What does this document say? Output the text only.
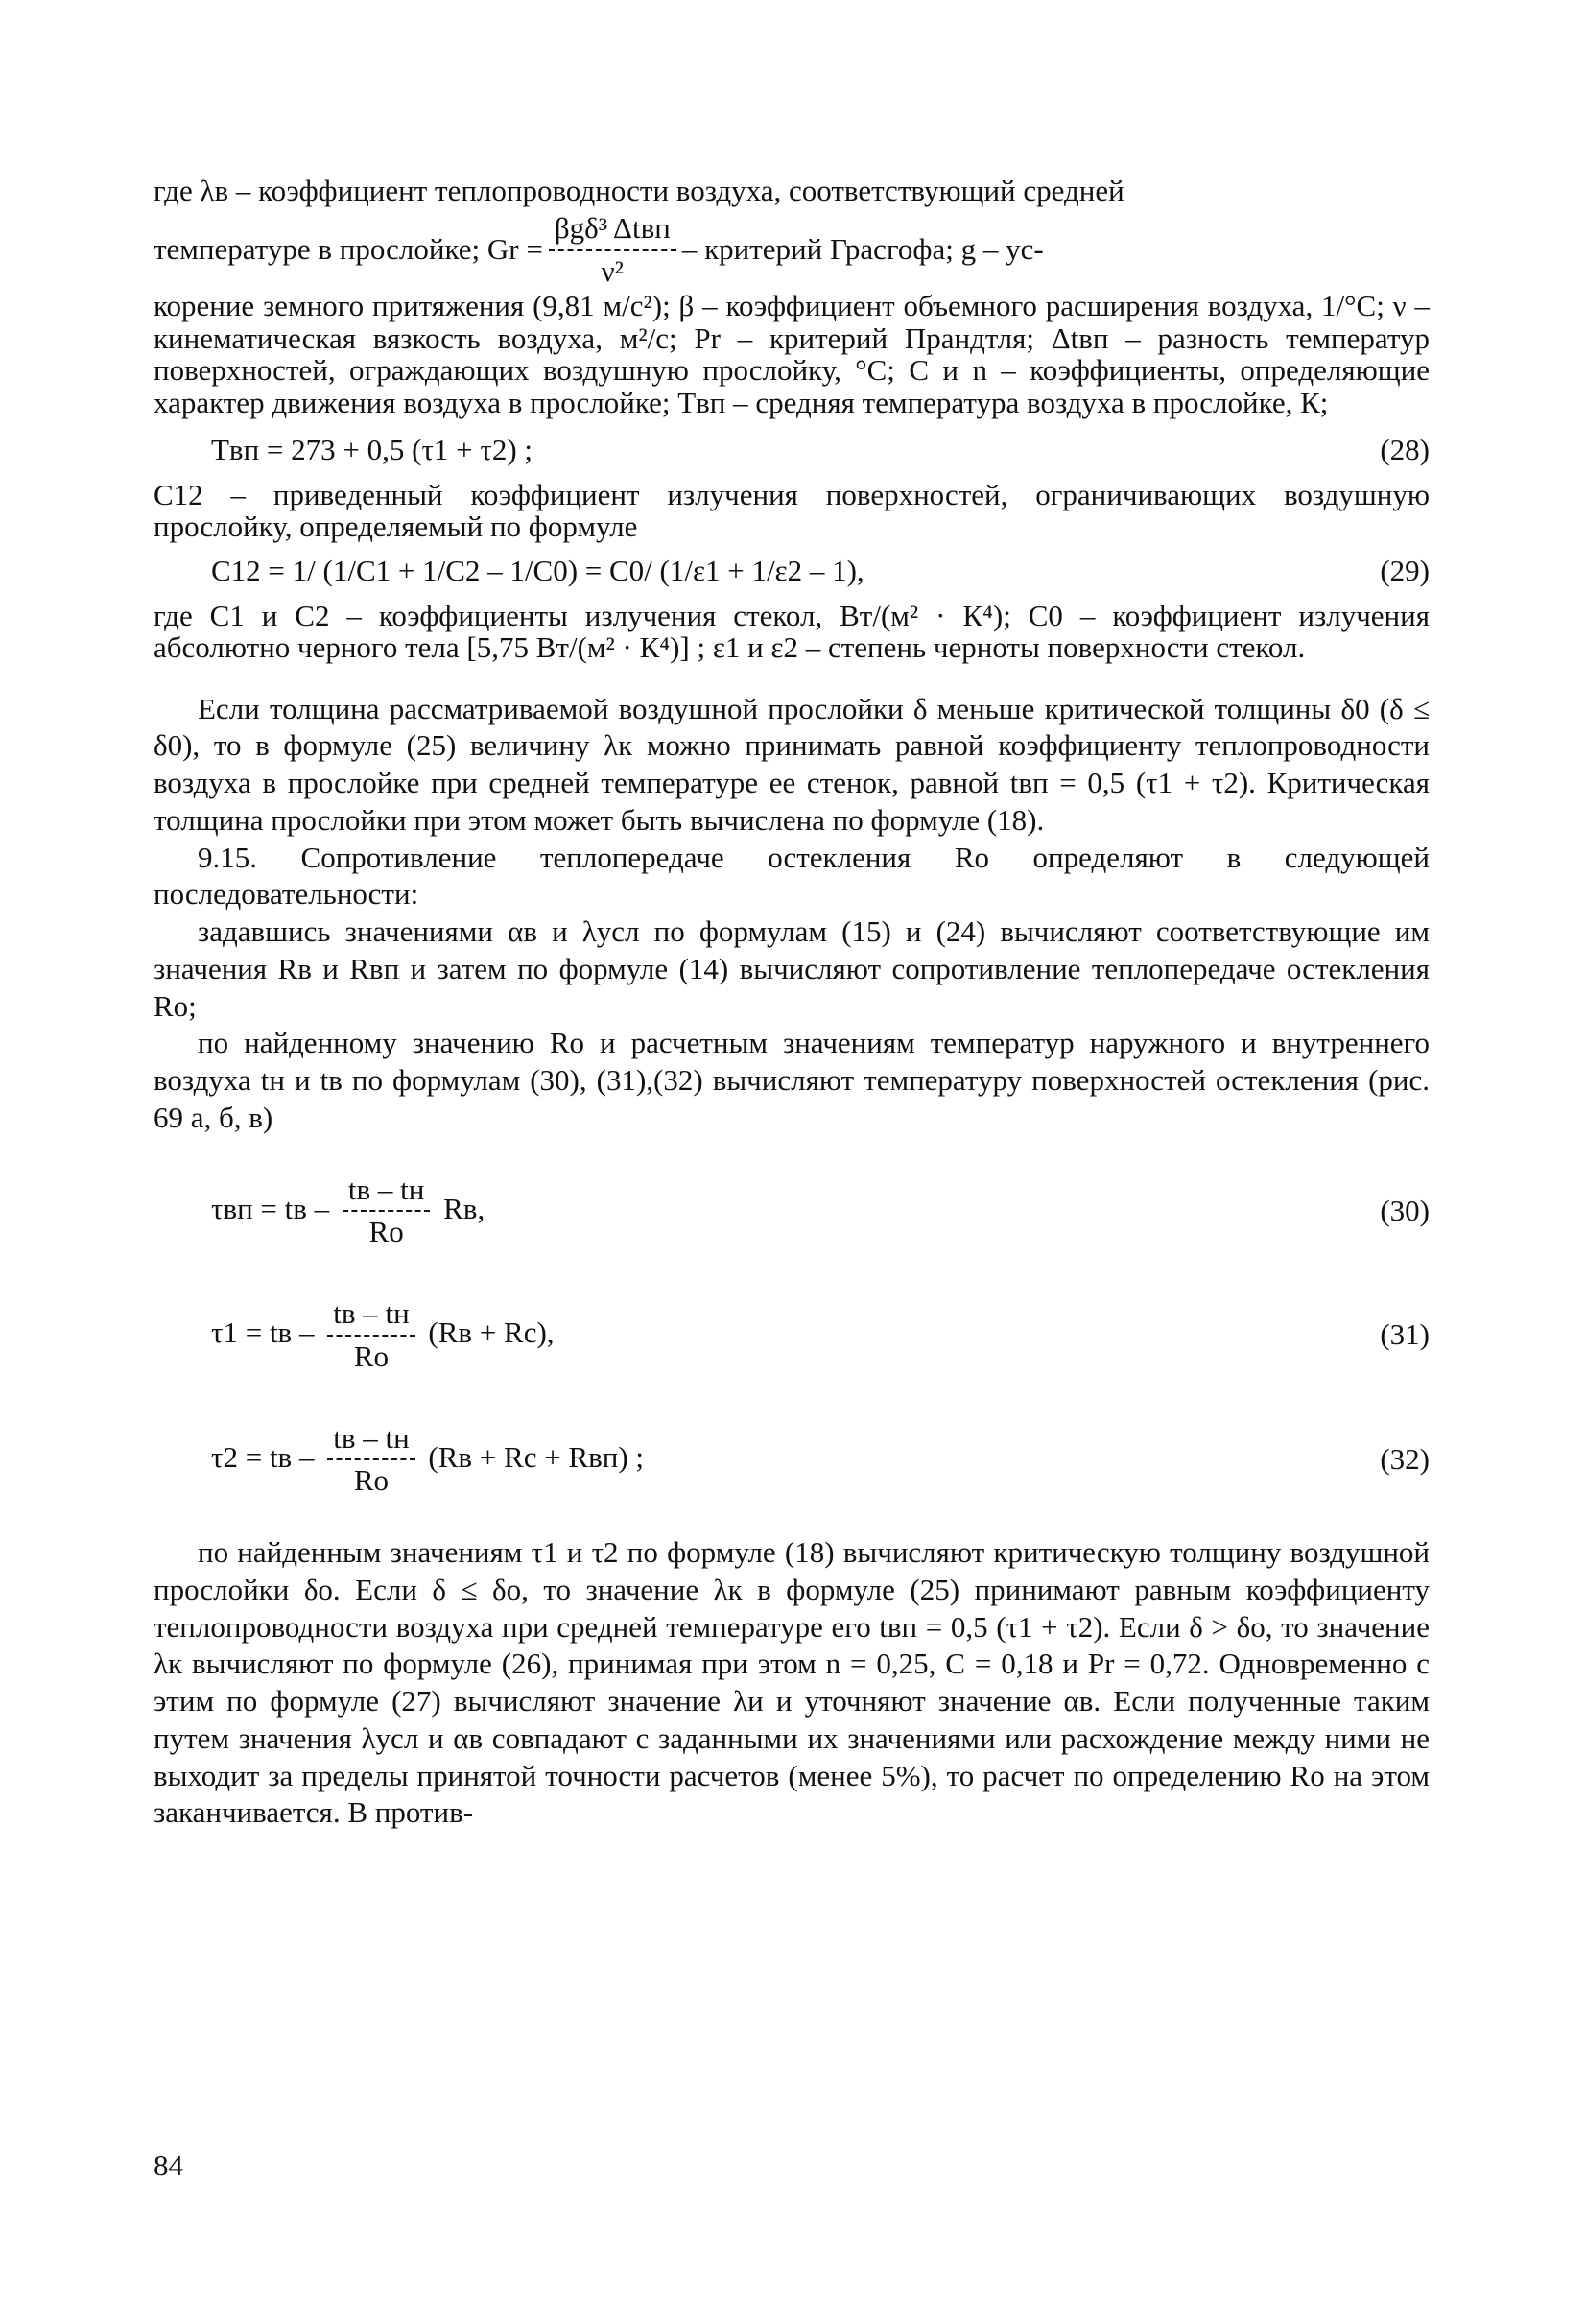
где λв – коэффициент теплопроводности воздуха, соответствующий средней

температуре в прослойке; $Gr = \frac{\text{βgδ³ Δtвп}}{\text{ν²}}$ – критерий Грасгофа; g – ус-

корение земного притяжения (9,81 м/с²); β – коэффициент объемного расширения воздуха, 1/°C; ν – кинематическая вязкость воздуха, м²/с; Pr – критерий Прандтля; Δtвп – разность температур поверхностей, ограждающих воздушную прослойку, °C; C и n – коэффициенты, определяющие характер движения воздуха в прослойке; Tвп – средняя температура воздуха в прослойке, К;

Tвп = 273 + 0,5 (τ1 + τ2) ;	(28)

C12 – приведенный коэффициент излучения поверхностей, ограничивающих воздушную прослойку, определяемый по формуле

C12 = 1/ (1/C1 + 1/C2 – 1/C0) = C0/ (1/ε1 + 1/ε2 – 1),	(29)

где C1 и C2 – коэффициенты излучения стекол, Вт/(м² · К⁴); C0 – коэффициент излучения абсолютно черного тела [5,75 Вт/(м² · К⁴)] ; ε1 и ε2 – степень черноты поверхности стекол.

Если толщина рассматриваемой воздушной прослойки δ меньше критической толщины δ0 (δ ≤ δ0), то в формуле (25) величину λк можно принимать равной коэффициенту теплопроводности воздуха в прослойке при средней температуре ее стенок, равной tвп = 0,5 (τ1 + τ2). Критическая толщина прослойки при этом может быть вычислена по формуле (18).

9.15. Сопротивление теплопередаче остекления Rо определяют в следующей последовательности:

задавшись значениями αв и λусл по формулам (15) и (24) вычисляют соответствующие им значения Rв и Rвп и затем по формуле (14) вычисляют сопротивление теплопередаче остекления Rо;

по найденному значению Rо и расчетным значениям температур наружного и внутреннего воздуха tн и tв по формулам (30), (31),(32) вычисляют температуру поверхностей остекления (рис. 69 а, б, в)

τвп = tв – $\frac{tв - tн}{Rо}$ Rв,	(30)
τ1 = tв – $\frac{tв - tн}{Rо} (Rв + Rс)$,	(31)
τ2 = tв – $\frac{tв - tн}{Rо} (Rв$ + Rс + Rвп) ;	(32)

по найденным значениям τ1 и τ2 по формуле (18) вычисляют критическую толщину воздушной прослойки δо. Если δ ≤ δо, то значение λк в формуле (25) принимают равным коэффициенту теплопроводности воздуха при средней температуре его tвп = 0,5 (τ1 + τ2). Если δ > δо, то значение λк вычисляют по формуле (26), принимая при этом n = 0,25, C = 0,18 и Pr = 0,72. Одновременно с этим по формуле (27) вычисляют значение λи и уточняют значение αв. Если полученные таким путем значения λусл и αв совпадают с заданными их значениями или расхождение между ними не выходит за пределы принятой точности расчетов (менее 5%), то расчет по определению Rо на этом заканчивается. В против-

84
